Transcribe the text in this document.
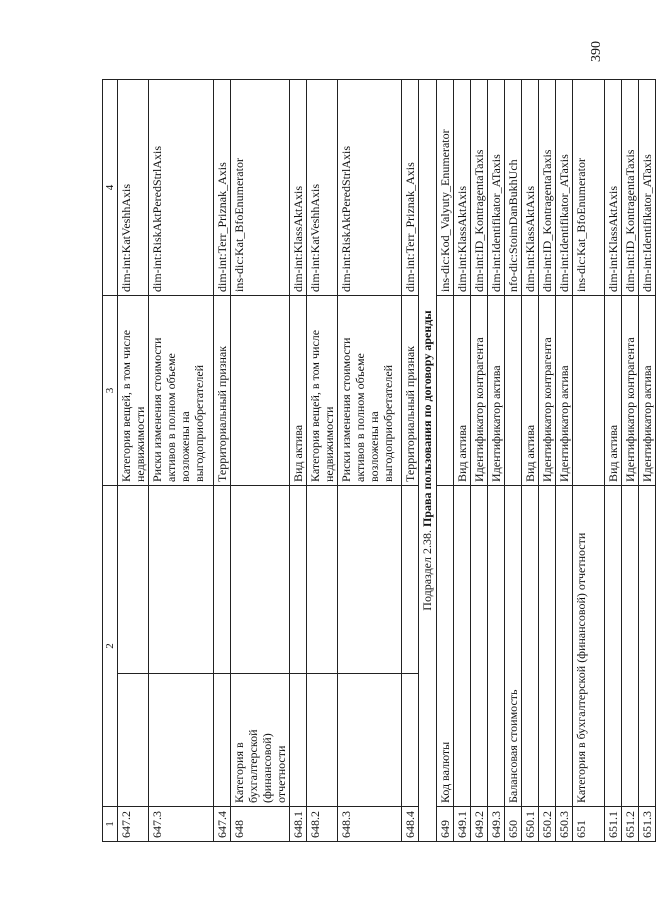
390
1	2		3	4
647.2			Категория вещей, в том числе недвижимости	dim-int:KatVeshhAxis
647.3			Риски изменения стоимости активов в полном объеме возложены на выгодоприобретателей	dim-int:RiskAktPeredStrlAxis
647.4			Территориальный признак	dim-int:Terr_Priznak_Axis
648	Категория в бухгалтерской (финансовой) отчетности			ins-dic:Kat_BfoEnumerator
648.1			Вид актива	dim-int:KlassAktAxis
648.2			Категория вещей, в том числе недвижимости	dim-int:KatVeshhAxis
648.3			Риски изменения стоимости активов в полном объеме возложены на выгодоприобретателей	dim-int:RiskAktPeredStrlAxis
648.4			Территориальный признак	dim-int:Terr_Priznak_Axis
Подраздел 2.38. Права пользования по договору аренды				
649	Код валюты			ins-dic:Kod_Valyuty_Enumerator
649.1			Вид актива	dim-int:KlassAktAxis
649.2			Идентификатор контрагента	dim-int:ID_KontragentaTaxis
649.3			Идентификатор актива	dim-int:Identifikator_ATaxis
650	Балансовая стоимость			nfo-dic:StoimDanBukhUch
650.1			Вид актива	dim-int:KlassAktAxis
650.2			Идентификатор контрагента	dim-int:ID_KontragentaTaxis
650.3			Идентификатор актива	dim-int:Identifikator_ATaxis
651	Категория в бухгалтерской (финансовой) отчетности			ins-dic:Kat_BfoEnumerator
651.1			Вид актива	dim-int:KlassAktAxis
651.2			Идентификатор контрагента	dim-int:ID_KontragentaTaxis
651.3			Идентификатор актива	dim-int:Identifikator_ATaxis
